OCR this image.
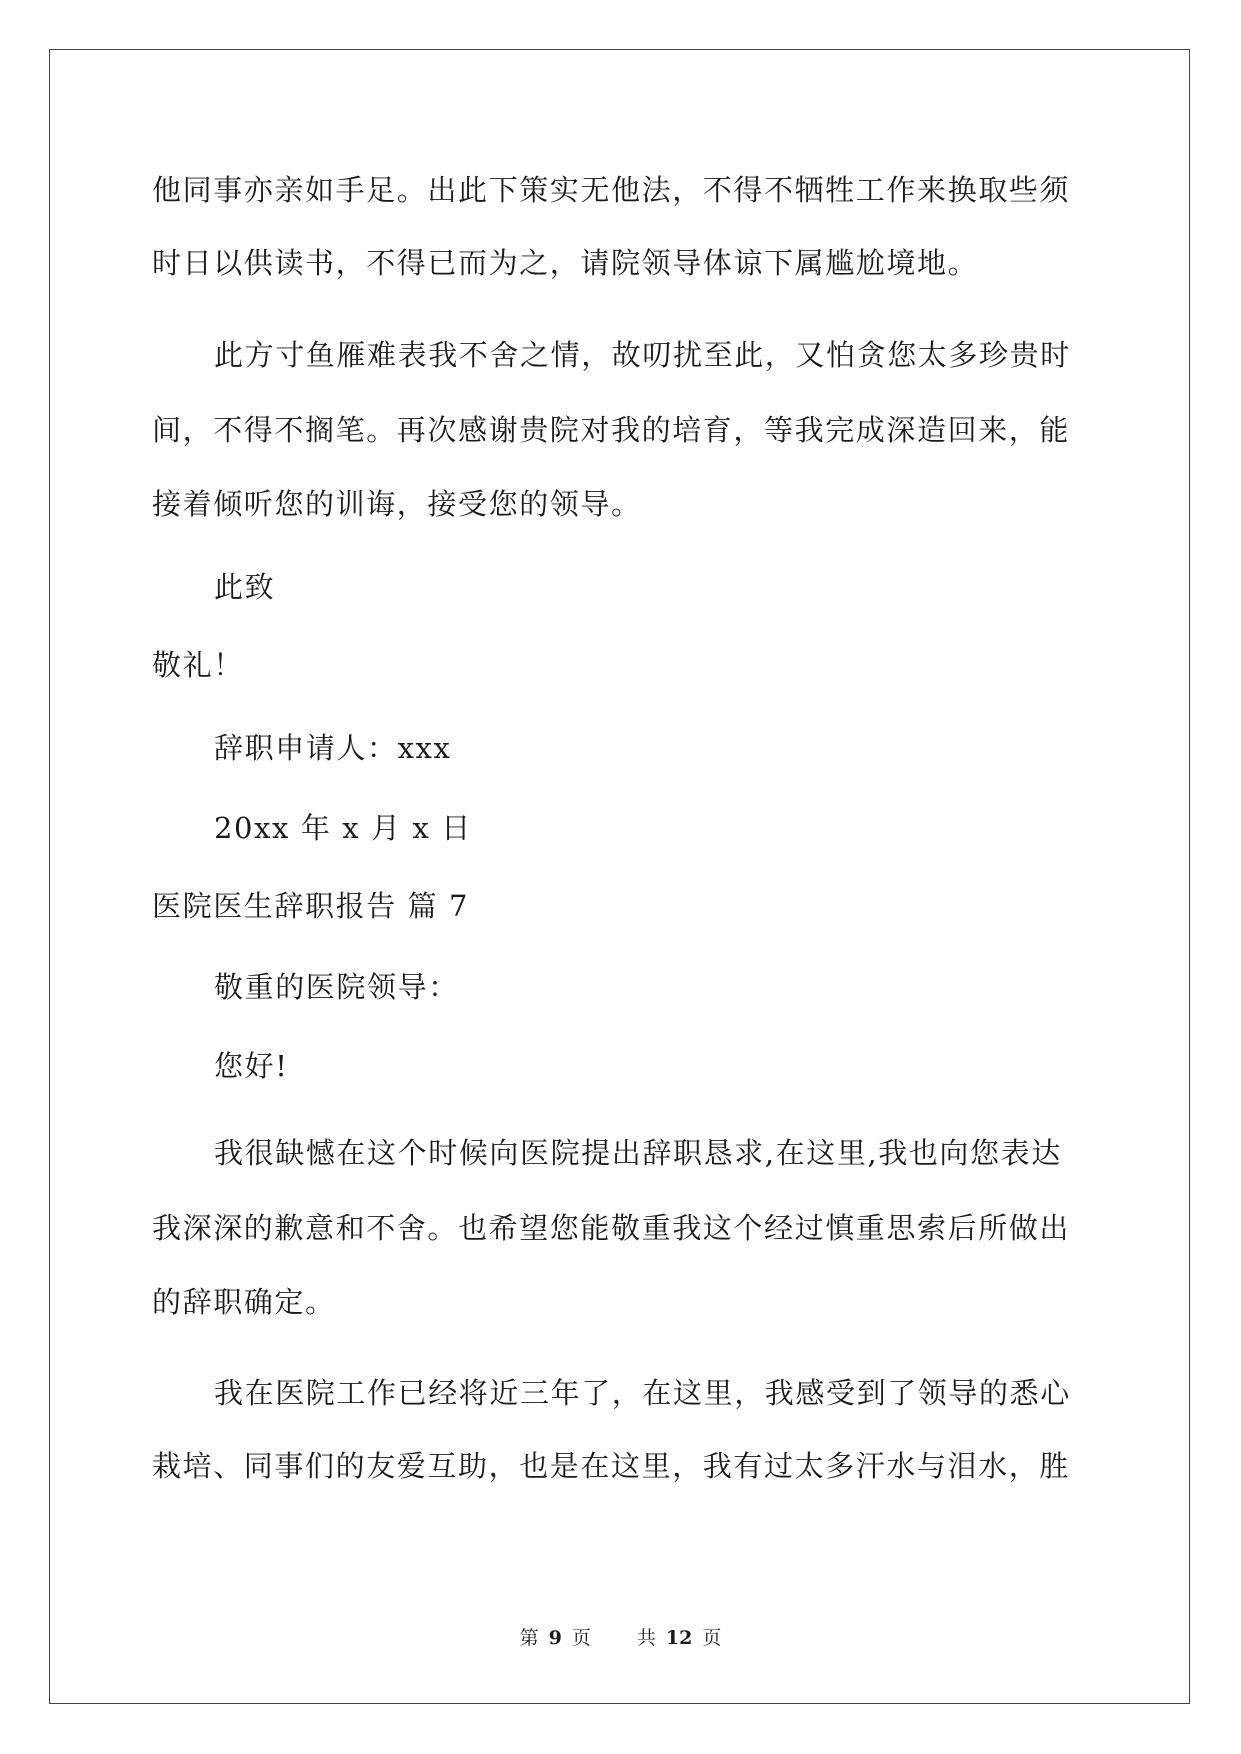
他同事亦亲如手足。出此下策实无他法，不得不牺牲工作来换取些须
时日以供读书，不得已而为之，请院领导体谅下属尴尬境地。
此方寸鱼雁难表我不舍之情，故叨扰至此，又怕贪您太多珍贵时
间，不得不搁笔。再次感谢贵院对我的培育，等我完成深造回来，能
接着倾听您的训诲，接受您的领导。
此致
敬礼！
辞职申请人：xxx
20xx 年 x 月 x 日
医院医生辞职报告 篇 7
敬重的医院领导：
您好!
我很缺憾在这个时候向医院提出辞职恳求,在这里,我也向您表达
我深深的歉意和不舍。也希望您能敬重我这个经过慎重思索后所做出
的辞职确定。
我在医院工作已经将近三年了，在这里，我感受到了领导的悉心
栽培、同事们的友爱互助，也是在这里，我有过太多汗水与泪水，胜
第 9 页 共 12 页
